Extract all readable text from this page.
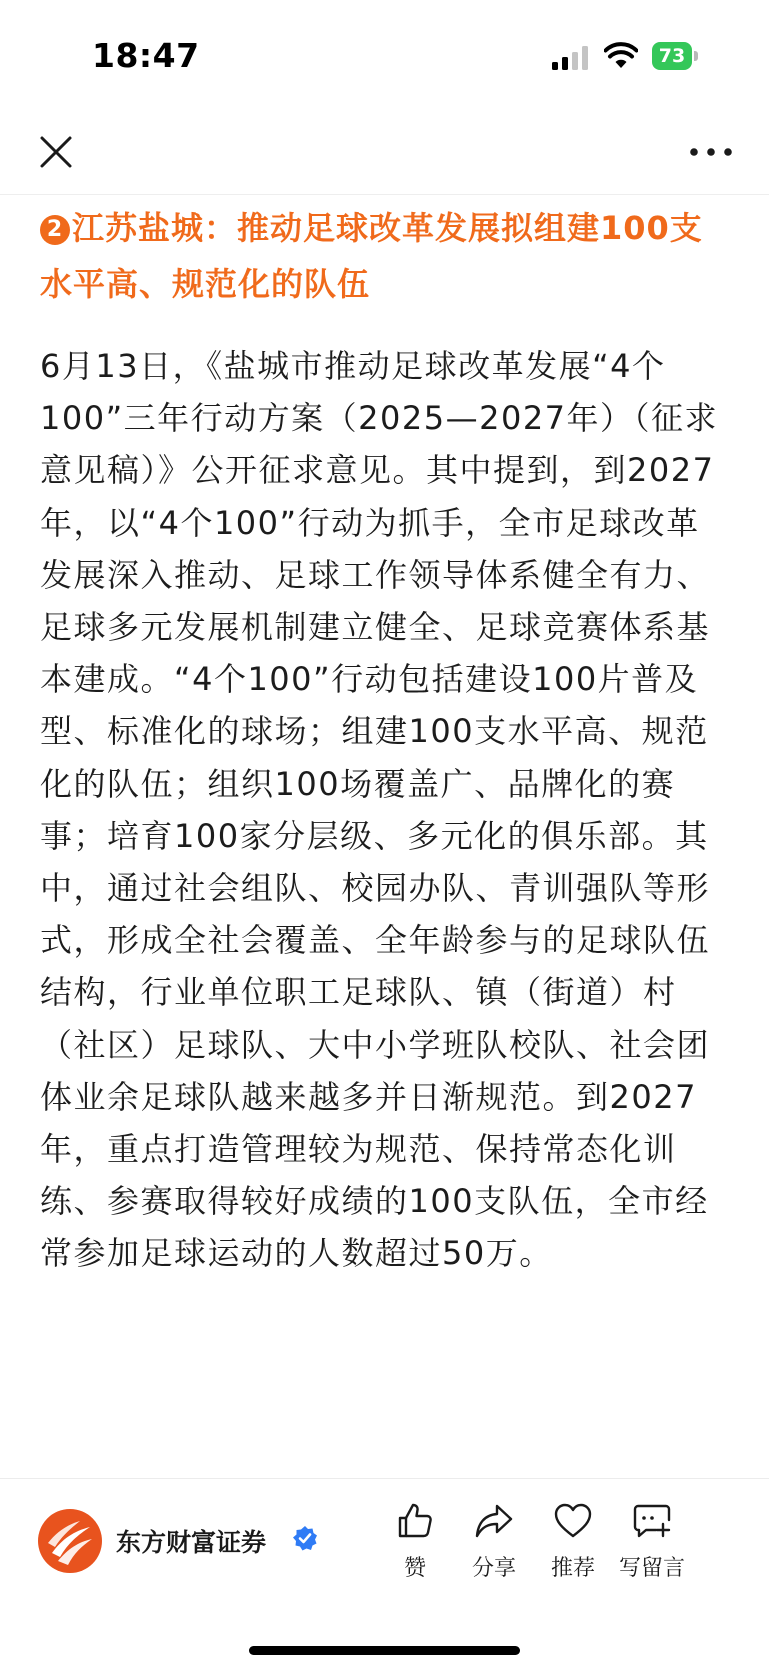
18:47	73
2 江苏盐城：推动足球改革发展拟组建100支水平高、规范化的队伍
6月13日，《盐城市推动足球改革发展“4个100”三年行动方案（2025—2027年）（征求意见稿）》公开征求意见。其中提到，到2027年，以“4个100”行动为抓手，全市足球改革发展深入推动、足球工作领导体系健全有力、足球多元发展机制建立健全、足球竞赛体系基本建成。“4个100”行动包括建设100片普及型、标准化的球场；组建100支水平高、规范化的队伍；组织100场覆盖广、品牌化的赛事；培育100家分层级、多元化的俱乐部。其中，通过社会组队、校园办队、青训强队等形式，形成全社会覆盖、全年龄参与的足球队伍结构，行业单位职工足球队、镇（街道）村（社区）足球队、大中小学班队校队、社会团体业余足球队越来越多并日渐规范。到2027年，重点打造管理较为规范、保持常态化训练、参赛取得较好成绩的100支队伍，全市经常参加足球运动的人数超过50万。
东方财富证券
赞	分享	推荐	写留言
